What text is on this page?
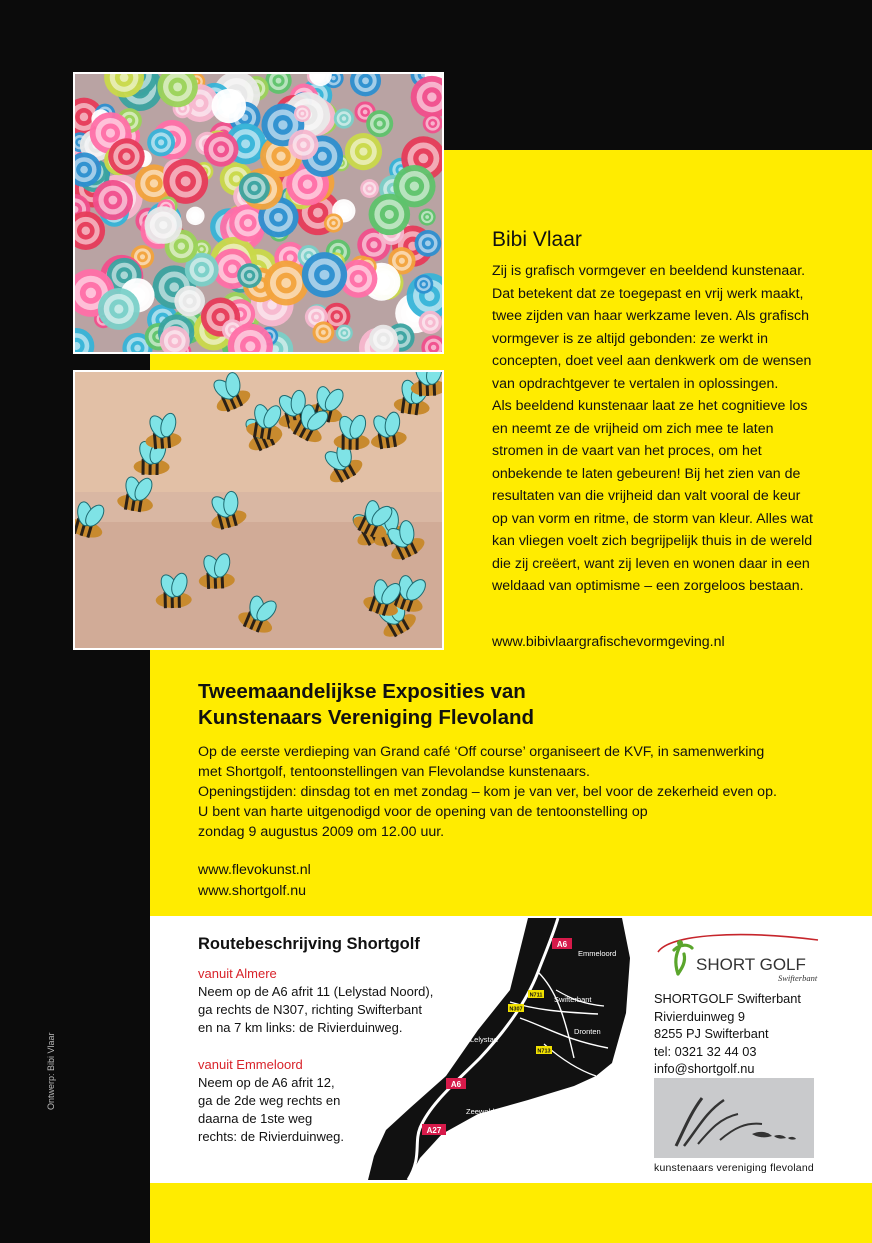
Bibi Vlaar

Zij is grafisch vormgever en beeldend kunstenaar.
Dat betekent dat ze toegepast en vrij werk maakt,
twee zijden van haar werkzame leven. Als grafisch
vormgever is ze altijd gebonden: ze werkt in
concepten, doet veel aan denkwerk om de wensen
van opdrachtgever te vertalen in oplossingen.
Als beeldend kunstenaar laat ze het cognitieve los
en neemt ze de vrijheid om zich mee te laten
stromen in de vaart van het proces, om het
onbekende te laten gebeuren! Bij het zien van de
resultaten van die vrijheid dan valt vooral de keur
op van vorm en ritme, de storm van kleur. Alles wat
kan vliegen voelt zich begrijpelijk thuis in de wereld
die zij creëert, want zij leven en wonen daar in een
weldaad van optimisme – een zorgeloos bestaan.

www.bibivlaargrafischevormgeving.nl
Tweemaandelijkse Exposities van
Kunstenaars Vereniging Flevoland

Op de eerste verdieping van Grand café ‘Off course’ organiseert de KVF, in samenwerking
met Shortgolf, tentoonstellingen van Flevolandse kunstenaars.
Openingstijden: dinsdag tot en met zondag – kom je van ver, bel voor de zekerheid even op.
U bent van harte uitgenodigd voor de opening van de tentoonstelling op
zondag 9 augustus 2009 om 12.00 uur.

www.flevokunst.nl
www.shortgolf.nu
Routebeschrijving Shortgolf
vanuit Almere

Neem op de A6 afrit 11 (Lelystad Noord),
ga rechts de N307, richting Swifterbant
en na 7 km links: de Rivierduinweg.

vanuit Emmeloord

Neem op de A6 afrit 12,
ga de 2de weg rechts en
daarna de 1ste weg
rechts: de Rivierduinweg.

A6
A6
A27
N711
N307
N713
Emmeloord
Swifterbant
Lelystad
Dronten
Almere
Zeewolde
SHORT GOLF
Swifterbant

SHORTGOLF Swifterbant
Rivierduinweg 9
8255 PJ Swifterbant
tel: 0321 32 44 03
info@shortgolf.nu

kunstenaars vereniging flevoland
Ontwerp: Bibi Vlaar
